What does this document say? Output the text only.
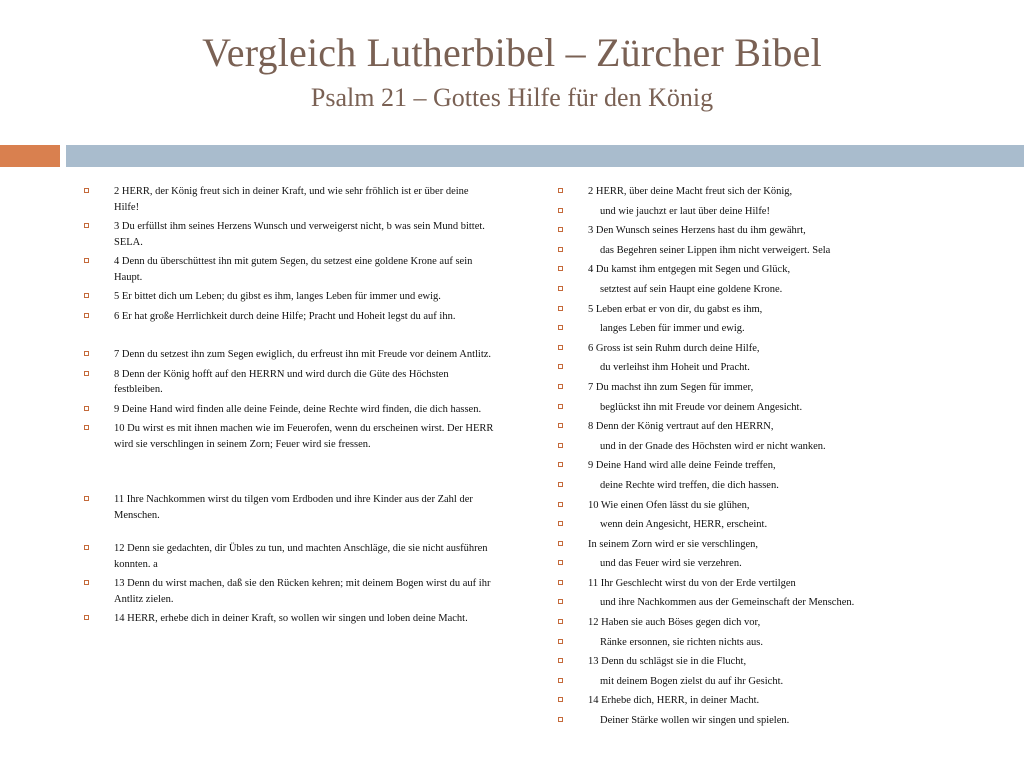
Vergleich Lutherbibel – Zürcher Bibel
Psalm 21 – Gottes Hilfe für den König
2 HERR, der König freut sich in deiner Kraft, und wie sehr fröhlich ist er über deine Hilfe!
3 Du erfüllst ihm seines Herzens Wunsch und verweigerst nicht, b was sein Mund bittet. SELA.
4 Denn du überschüttest ihn mit gutem Segen, du setzest eine goldene Krone auf sein Haupt.
5 Er bittet dich um Leben; du gibst es ihm, langes Leben für immer und ewig.
6 Er hat große Herrlichkeit durch deine Hilfe; Pracht und Hoheit legst du auf ihn.
7 Denn du setzest ihn zum Segen ewiglich, du erfreust ihn mit Freude vor deinem Antlitz.
8 Denn der König hofft auf den HERRN und wird durch die Güte des Höchsten festbleiben.
9 Deine Hand wird finden alle deine Feinde, deine Rechte wird finden, die dich hassen.
10 Du wirst es mit ihnen machen wie im Feuerofen, wenn du erscheinen wirst. Der HERR wird sie verschlingen in seinem Zorn; Feuer wird sie fressen.
11 Ihre Nachkommen wirst du tilgen vom Erdboden und ihre Kinder aus der Zahl der Menschen.
12 Denn sie gedachten, dir Übles zu tun, und machten Anschläge, die sie nicht ausführen konnten. a
13 Denn du wirst machen, daß sie den Rücken kehren; mit deinem Bogen wirst du auf ihr Antlitz zielen.
14 HERR, erhebe dich in deiner Kraft, so wollen wir singen und loben deine Macht.
2 HERR, über deine Macht freut sich der König,
und wie jauchzt er laut über deine Hilfe!
3 Den Wunsch seines Herzens hast du ihm gewährt,
das Begehren seiner Lippen ihm nicht verweigert. Sela
4 Du kamst ihm entgegen mit Segen und Glück,
setztest auf sein Haupt eine goldene Krone.
5 Leben erbat er von dir, du gabst es ihm,
langes Leben für immer und ewig.
6 Gross ist sein Ruhm durch deine Hilfe,
du verleihst ihm Hoheit und Pracht.
7 Du machst ihn zum Segen für immer,
beglückst ihn mit Freude vor deinem Angesicht.
8 Denn der König vertraut auf den HERRN,
und in der Gnade des Höchsten wird er nicht wanken.
9 Deine Hand wird alle deine Feinde treffen,
deine Rechte wird treffen, die dich hassen.
10 Wie einen Ofen lässt du sie glühen,
wenn dein Angesicht, HERR, erscheint.
In seinem Zorn wird er sie verschlingen,
und das Feuer wird sie verzehren.
11 Ihr Geschlecht wirst du von der Erde vertilgen
und ihre Nachkommen aus der Gemeinschaft der Menschen.
12 Haben sie auch Böses gegen dich vor,
Ränke ersonnen, sie richten nichts aus.
13 Denn du schlägst sie in die Flucht,
mit deinem Bogen zielst du auf ihr Gesicht.
14 Erhebe dich, HERR, in deiner Macht.
Deiner Stärke wollen wir singen und spielen.
